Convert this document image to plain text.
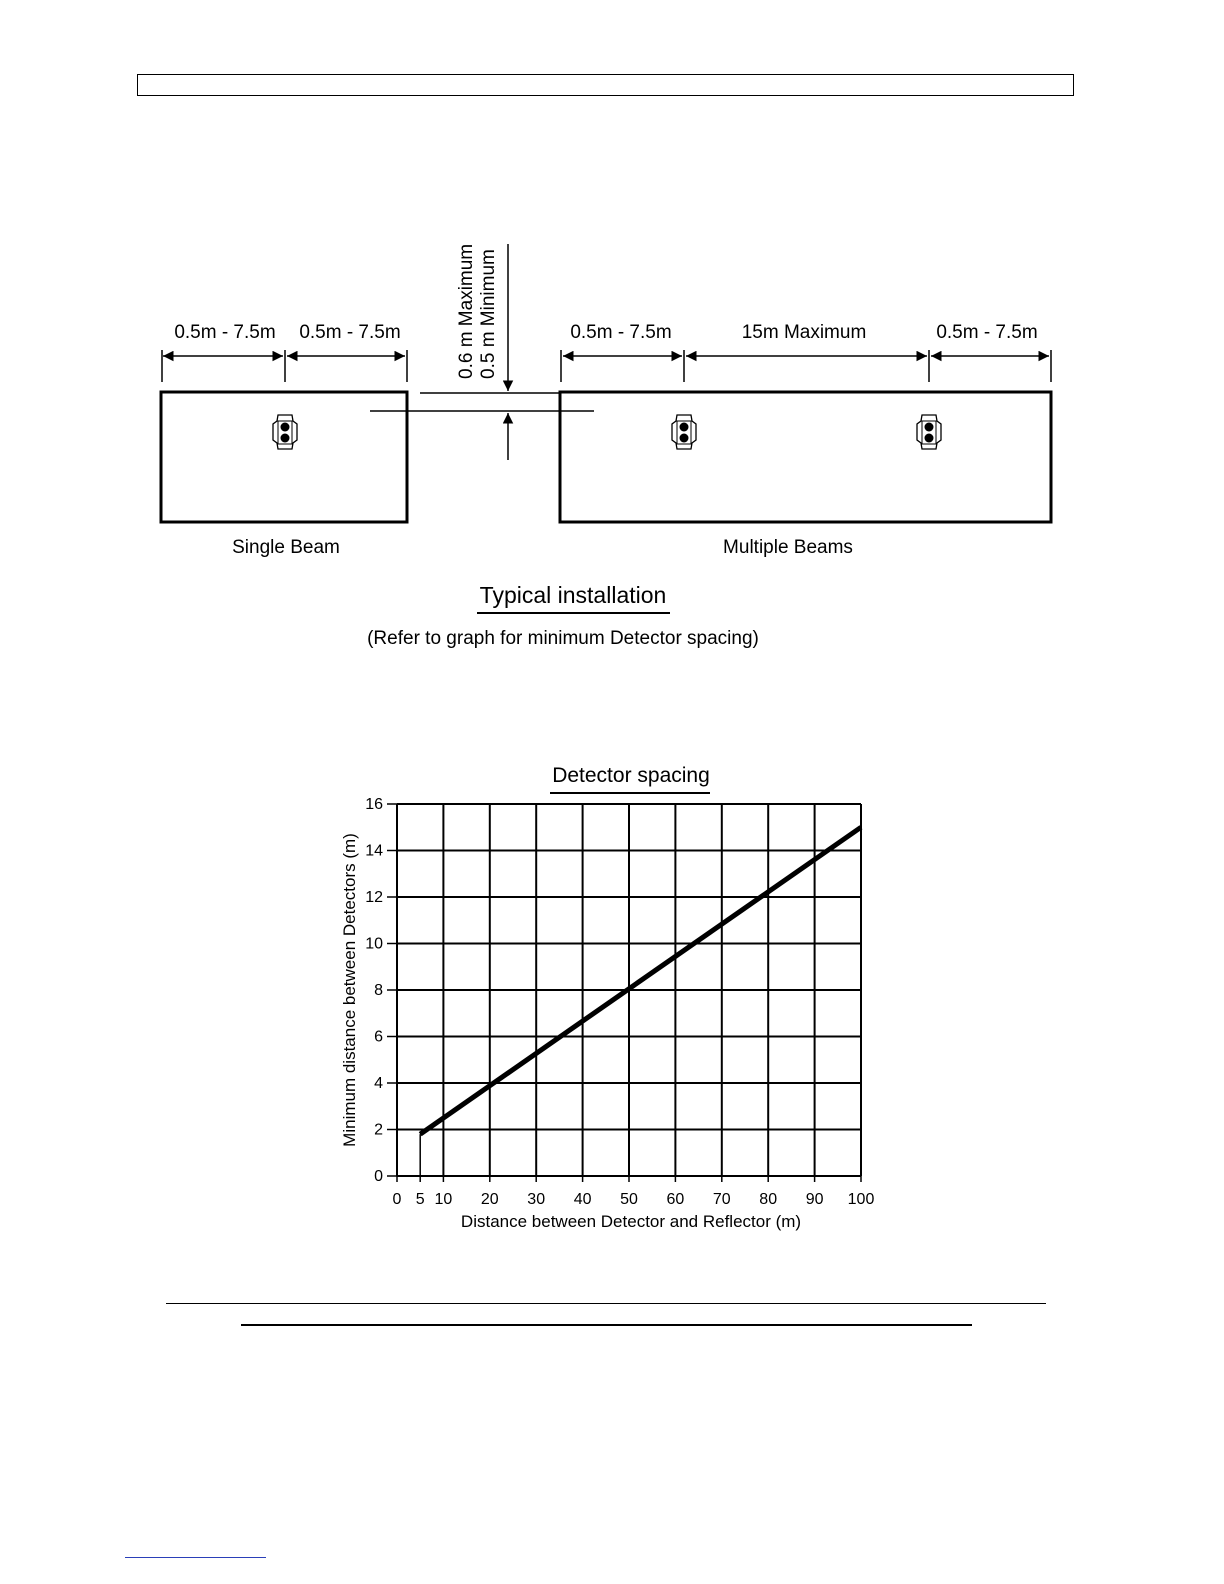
0.5m - 7.5m 0.5m - 7.5m	0.5m - 7.5m	15m Maximum	0.5m - 7.5m
0.6 m Maximum 0.5 m Minimum
Single Beam	Multiple Beams
Typical installation
(Refer to graph for minimum Detector spacing)
Detector spacing
0 5 10 20 30 40 50 60 70 80 90 100
0
2
4
6
8
10
12
14
16
Distance between Detector and Reflector (m)
Minimum distance between Detectors (m)
